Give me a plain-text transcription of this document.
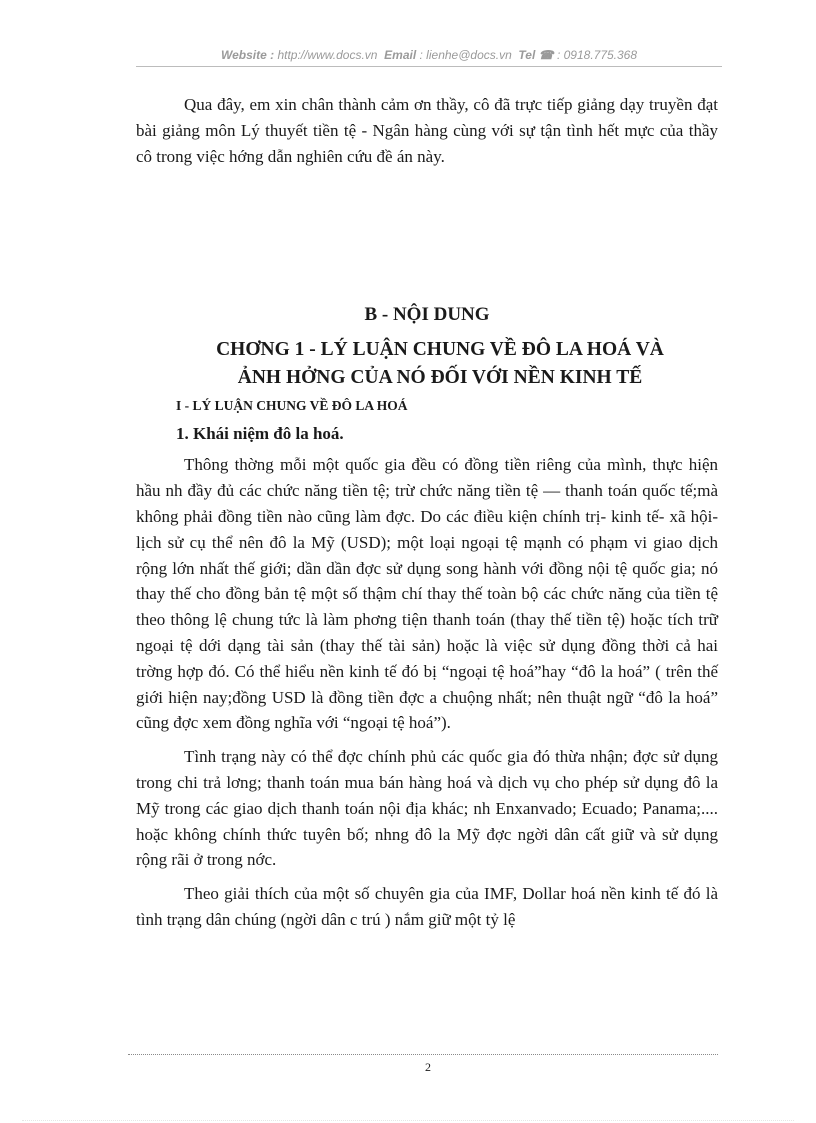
Website : http://www.docs.vn Email : lienhe@docs.vn Tel ☎ : 0918.775.368

Qua đây, em xin chân thành cảm ơn thầy, cô đã trực tiếp giảng dạy truyền đạt bài giảng môn Lý thuyết tiền tệ - Ngân hàng cùng với sự tận tình hết mực của thầy cô trong việc hớng dẫn nghiên cứu đề án này.

B - NỘI DUNG

CHƠNG 1 - LÝ LUẬN CHUNG VỀ ĐÔ LA HOÁ VÀ

ẢNH HỞNG CỦA NÓ ĐỐI VỚI NỀN KINH TẾ

I - LÝ LUẬN CHUNG VỀ ĐÔ LA HOÁ

1. Khái niệm đô la hoá.

Thông thờng mỗi một quốc gia đều có đồng tiền riêng của mình, thực hiện hầu nh đầy đủ các chức năng tiền tệ; trừ chức năng tiền tệ — thanh toán quốc tế;mà không phải đồng tiền nào cũng làm đợc. Do các điều kiện chính trị- kinh tế- xã hội- lịch sử cụ thể nên đô la Mỹ (USD); một loại ngoại tệ mạnh có phạm vi giao dịch rộng lớn nhất thế giới; dần dần đợc sử dụng song hành với đồng nội tệ quốc gia; nó thay thế cho đồng bản tệ một số thậm chí thay thế toàn bộ các chức năng của tiền tệ theo thông lệ chung tức là làm phơng tiện thanh toán (thay thế tiền tệ) hoặc tích trữ ngoại tệ dới dạng tài sản (thay thế tài sản) hoặc là việc sử dụng đồng thời cả hai trờng hợp đó. Có thể hiểu nền kinh tế đó bị “ngoại tệ hoá”hay “đô la hoá” ( trên thế giới hiện nay;đồng USD là đồng tiền đợc a chuộng nhất; nên thuật ngữ “đô la hoá” cũng đợc xem đồng nghĩa với “ngoại tệ hoá”).

Tình trạng này có thể đợc chính phủ các quốc gia đó thừa nhận; đợc sử dụng trong chi trả lơng; thanh toán mua bán hàng hoá và dịch vụ cho phép sử dụng đô la Mỹ trong các giao dịch thanh toán nội địa khác; nh Enxanvado; Ecuado; Panama;.... hoặc không chính thức tuyên bố; nhng đô la Mỹ đợc ngời dân cất giữ và sử dụng rộng rãi ở trong nớc.

Theo giải thích của một số chuyên gia của IMF, Dollar hoá nền kinh tế đó là tình trạng dân chúng (ngời dân c trú ) nắm giữ một tỷ lệ

2
